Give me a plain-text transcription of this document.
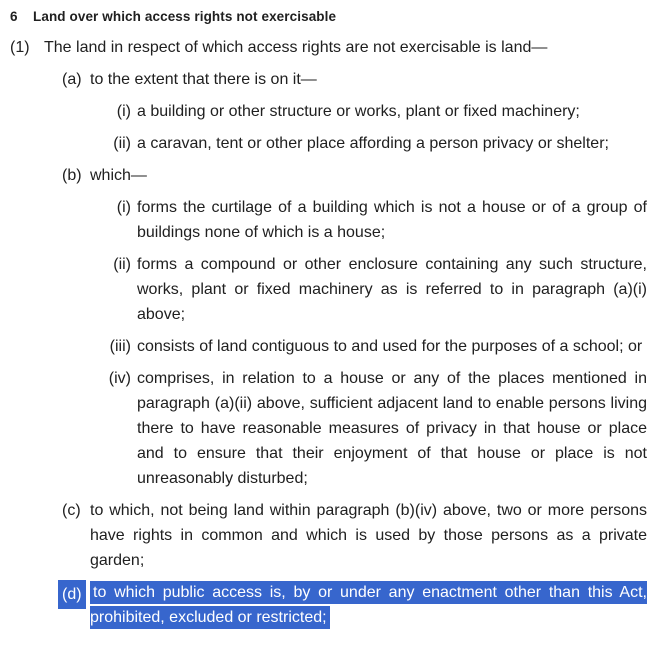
6 Land over which access rights not exercisable
(1) The land in respect of which access rights are not exercisable is land—
(a) to the extent that there is on it—
(i) a building or other structure or works, plant or fixed machinery;
(ii) a caravan, tent or other place affording a person privacy or shelter;
(b) which—
(i) forms the curtilage of a building which is not a house or of a group of buildings none of which is a house;
(ii) forms a compound or other enclosure containing any such structure, works, plant or fixed machinery as is referred to in paragraph (a)(i) above;
(iii) consists of land contiguous to and used for the purposes of a school; or
(iv) comprises, in relation to a house or any of the places mentioned in paragraph (a)(ii) above, sufficient adjacent land to enable persons living there to have reasonable measures of privacy in that house or place and to ensure that their enjoyment of that house or place is not unreasonably disturbed;
(c) to which, not being land within paragraph (b)(iv) above, two or more persons have rights in common and which is used by those persons as a private garden;
(d) to which public access is, by or under any enactment other than this Act, prohibited, excluded or restricted;
